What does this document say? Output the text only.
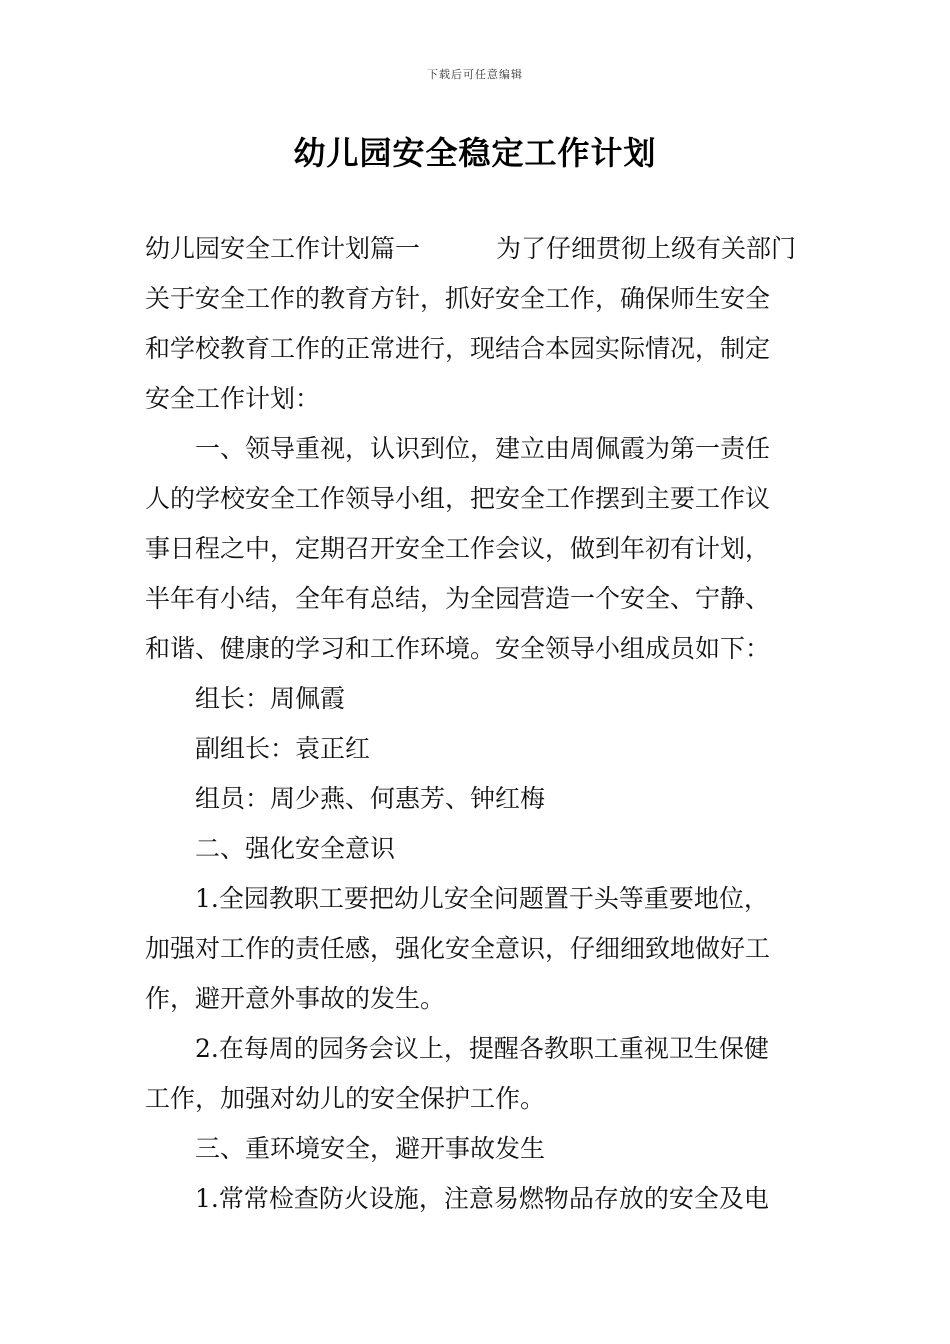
下载后可任意编辑
幼儿园安全稳定工作计划
幼儿园安全工作计划篇一	为了仔细贯彻上级有关部门
关于安全工作的教育方针，抓好安全工作，确保师生安全
和学校教育工作的正常进行，现结合本园实际情况，制定
安全工作计划：
一、领导重视，认识到位，建立由周佩霞为第一责任
人的学校安全工作领导小组，把安全工作摆到主要工作议
事日程之中，定期召开安全工作会议，做到年初有计划，
半年有小结，全年有总结，为全园营造一个安全、宁静、
和谐、健康的学习和工作环境。安全领导小组成员如下：
组长：周佩霞
副组长：袁正红
组员：周少燕、何惠芳、钟红梅
二、强化安全意识
1.全园教职工要把幼儿安全问题置于头等重要地位，
加强对工作的责任感，强化安全意识，仔细细致地做好工
作，避开意外事故的发生。
2.在每周的园务会议上，提醒各教职工重视卫生保健
工作，加强对幼儿的安全保护工作。
三、重环境安全，避开事故发生
1.常常检查防火设施，注意易燃物品存放的安全及电
